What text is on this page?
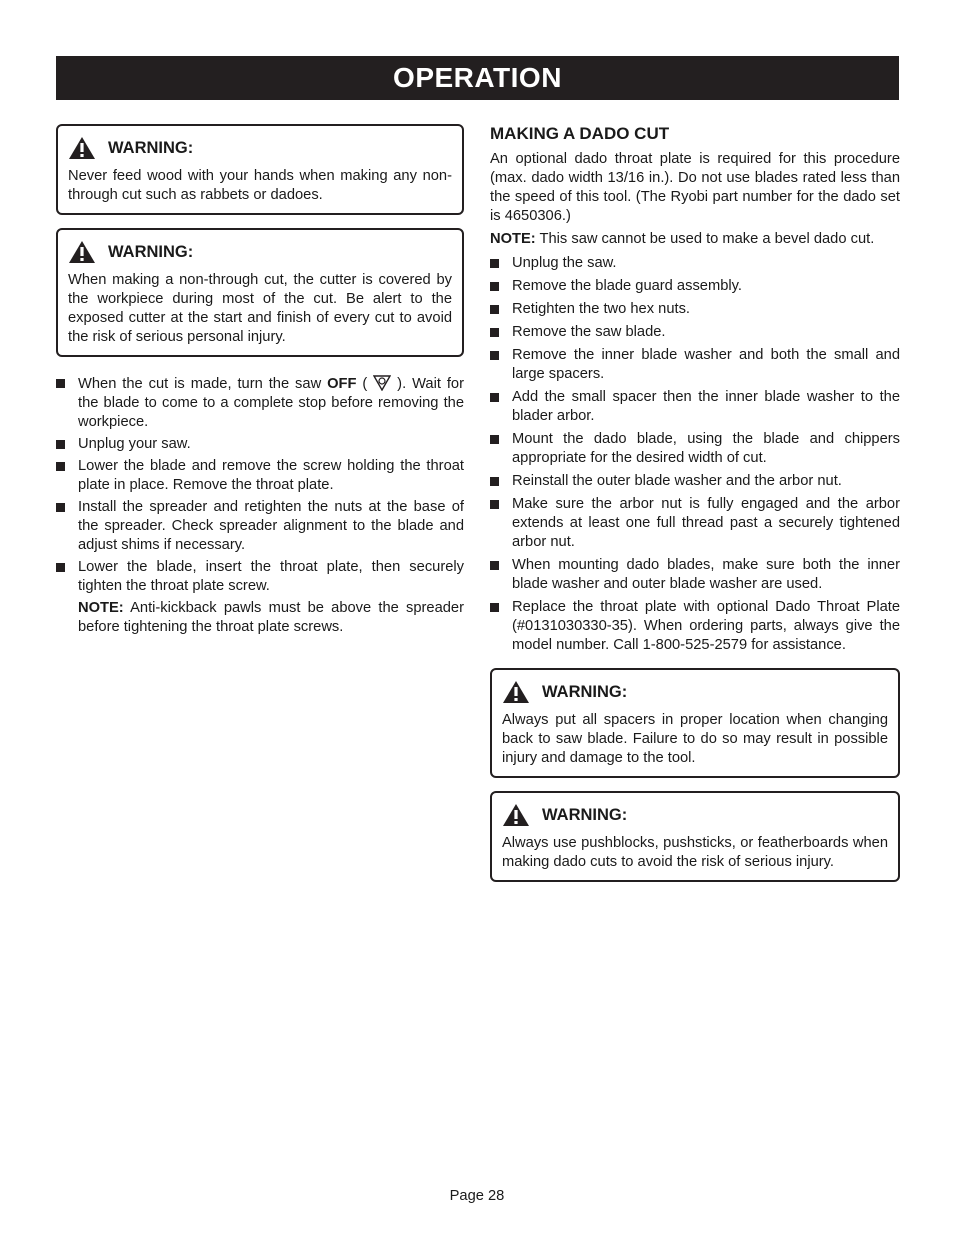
OPERATION
WARNING:
Never feed wood with your hands when making any non-through cut such as rabbets or dadoes.
WARNING:
When making a non-through cut, the cutter is covered by the workpiece during most of the cut. Be alert to the exposed cutter at the start and finish of every cut to avoid the risk of serious personal injury.
When the cut is made, turn the saw OFF (  ). Wait for the blade to come to a complete stop before removing the workpiece.
Unplug your saw.
Lower the blade and remove the screw holding the throat plate in place. Remove the throat plate.
Install the spreader and retighten the nuts at the base of the spreader. Check spreader alignment to the blade and adjust shims if necessary.
Lower the blade, insert the throat plate, then securely tighten the throat plate screw.
NOTE: Anti-kickback pawls must be above the spreader before tightening the throat plate screws.
MAKING A DADO CUT

An optional dado throat plate is required for this procedure (max. dado width 13/16 in.). Do not use blades rated less than the speed of this tool. (The Ryobi part number for the dado set is 4650306.)

NOTE: This saw cannot be used to make a bevel dado cut.

Unplug the saw.
Remove the blade guard assembly.
Retighten the two hex nuts.
Remove the saw blade.
Remove the inner blade washer and both the small and large spacers.
Add the small spacer then the inner blade washer to the blader arbor.
Mount the dado blade, using the blade and chippers appropriate for the desired width of cut.
Reinstall the outer blade washer and the arbor nut.
Make sure the arbor nut is fully engaged and the arbor extends at least one full thread past a securely tightened arbor nut.
When mounting dado blades, make sure both the inner blade washer and outer blade washer are used.
Replace the throat plate with optional Dado Throat Plate (#0131030330-35). When ordering parts, always give the model number. Call 1-800-525-2579 for assistance.
WARNING:
Always put all spacers in proper location when changing back to saw blade. Failure to do so may result in possible injury and damage to the tool.
WARNING:
Always use pushblocks, pushsticks, or featherboards when making dado cuts to avoid the risk of serious injury.
Page 28
